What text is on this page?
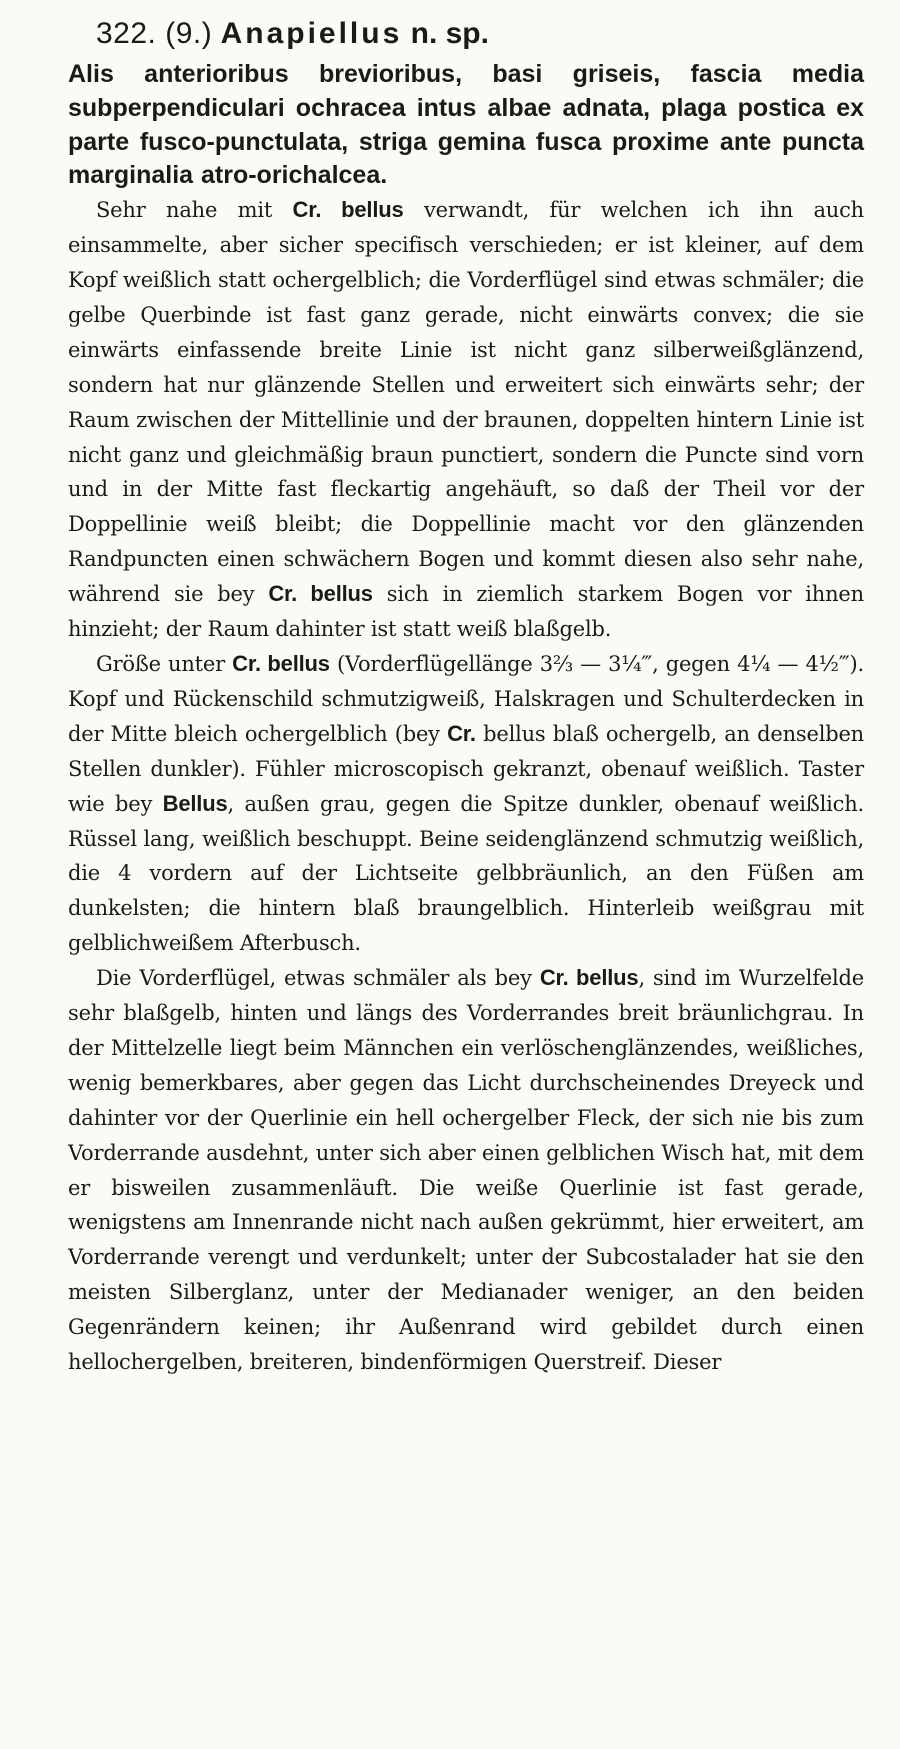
322. (9.) Anapiellus n. sp.

Alis anterioribus brevioribus, basi griseis, fascia media subperpendiculari ochracea intus albae adnata, plaga postica ex parte fusco-punctulata, striga gemina fusca proxime ante puncta marginalia atro-orichalcea.

Sehr nahe mit Cr. bellus verwandt, für welchen ich ihn auch einsammelte, aber sicher specifisch verschieden; er ist kleiner, auf dem Kopf weißlich statt ochergelblich; die Vorderflügel sind etwas schmäler; die gelbe Querbinde ist fast ganz gerade, nicht einwärts convex; die sie einwärts einfassende breite Linie ist nicht ganz silberweißglänzend, sondern hat nur glänzende Stellen und erweitert sich einwärts sehr; der Raum zwischen der Mittellinie und der braunen, doppelten hintern Linie ist nicht ganz und gleichmäßig braun punctiert, sondern die Puncte sind vorn und in der Mitte fast fleckartig angehäuft, so daß der Theil vor der Doppellinie weiß bleibt; die Doppellinie macht vor den glänzenden Randpuncten einen schwächern Bogen und kommt diesen also sehr nahe, während sie bey Cr. bellus sich in ziemlich starkem Bogen vor ihnen hinzieht; der Raum dahinter ist statt weiß blaßgelb.

Größe unter Cr. bellus (Vorderflügellänge 3⅔ — 3¼‴, gegen 4¼ — 4½‴). Kopf und Rückenschild schmutzigweiß, Halskragen und Schulterdecken in der Mitte bleich ochergelblich (bey Cr. bellus blaß ochergelb, an denselben Stellen dunkler). Fühler microscopisch gekranzt, obenauf weißlich. Taster wie bey Bellus, außen grau, gegen die Spitze dunkler, obenauf weißlich. Rüssel lang, weißlich beschuppt. Beine seidenglänzend schmutzig weißlich, die 4 vordern auf der Lichtseite gelbbräunlich, an den Füßen am dunkelsten; die hintern blaß braungelblich. Hinterleib weißgrau mit gelblichweißem Afterbusch.

Die Vorderflügel, etwas schmäler als bey Cr. bellus, sind im Wurzelfelde sehr blaßgelb, hinten und längs des Vorderrandes breit bräunlichgrau. In der Mittelzelle liegt beim Männchen ein verlöschenglänzendes, weißliches, wenig bemerkbares, aber gegen das Licht durchscheinendes Dreyeck und dahinter vor der Querlinie ein hell ochergelber Fleck, der sich nie bis zum Vorderrande ausdehnt, unter sich aber einen gelblichen Wisch hat, mit dem er bisweilen zusammenläuft. Die weiße Querlinie ist fast gerade, wenigstens am Innenrande nicht nach außen gekrümmt, hier erweitert, am Vorderrande verengt und verdunkelt; unter der Subcostalader hat sie den meisten Silberglanz, unter der Medianader weniger, an den beiden Gegenrändern keinen; ihr Außenrand wird gebildet durch einen hellochergelben, breiteren, bindenförmigen Querstreif. Dieser
